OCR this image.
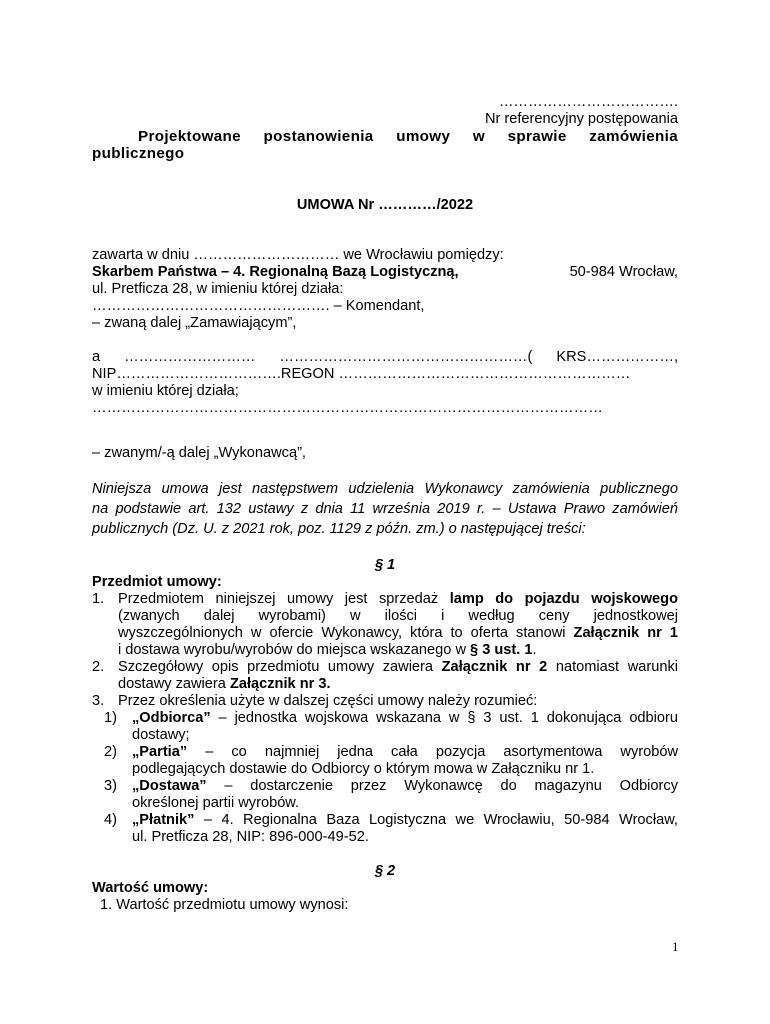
……………………………….
Nr referencyjny postępowania
Projektowane postanowienia umowy w sprawie zamówienia
publicznego
UMOWA Nr …………/2022
zawarta w dniu ………………………… we Wrocławiu pomiędzy:
Skarbem Państwa – 4. Regionalną Bazą Logistyczną,	50-984 Wrocław,
ul. Pretficza 28, w imieniu której działa:
…………………………………………. – Komendant,
– zwaną dalej „Zamawiającym”,
a ……………………… ……………………………………………( KRS………………,
NIP…………………………….REGON ……………………………………………………
w imieniu której działa;
……………………………………………………………………………………………
– zwanym/-ą dalej „Wykonawcą”,
Niniejsza umowa jest następstwem udzielenia Wykonawcy zamówienia publicznego
na podstawie art. 132 ustawy z dnia 11 września 2019 r. – Ustawa Prawo zamówień
publicznych (Dz. U. z 2021 rok, poz. 1129 z późn. zm.) o następującej treści:
§ 1
Przedmiot umowy:
1. Przedmiotem niniejszej umowy jest sprzedaż lamp do pojazdu wojskowego
(zwanych dalej wyrobami) w ilości i według ceny jednostkowej
wyszczególnionych w ofercie Wykonawcy, która to oferta stanowi Załącznik nr 1
i dostawa wyrobu/wyrobów do miejsca wskazanego w § 3 ust. 1.
2. Szczegółowy opis przedmiotu umowy zawiera Załącznik nr 2 natomiast warunki
dostawy zawiera Załącznik nr 3.
3. Przez określenia użyte w dalszej części umowy należy rozumieć:
1)	„Odbiorca” – jednostka wojskowa wskazana w § 3 ust. 1 dokonująca odbioru
dostawy;
2)	„Partia” – co najmniej jedna cała pozycja asortymentowa wyrobów
podlegających dostawie do Odbiorcy o którym mowa w Załączniku nr 1.
3)	„Dostawa” – dostarczenie przez Wykonawcę do magazynu Odbiorcy
określonej partii wyrobów.
4)	„Płatnik” – 4. Regionalna Baza Logistyczna we Wrocławiu, 50-984 Wrocław,
ul. Pretficza 28, NIP: 896-000-49-52.
§ 2
Wartość umowy:
1. Wartość przedmiotu umowy wynosi:
1
